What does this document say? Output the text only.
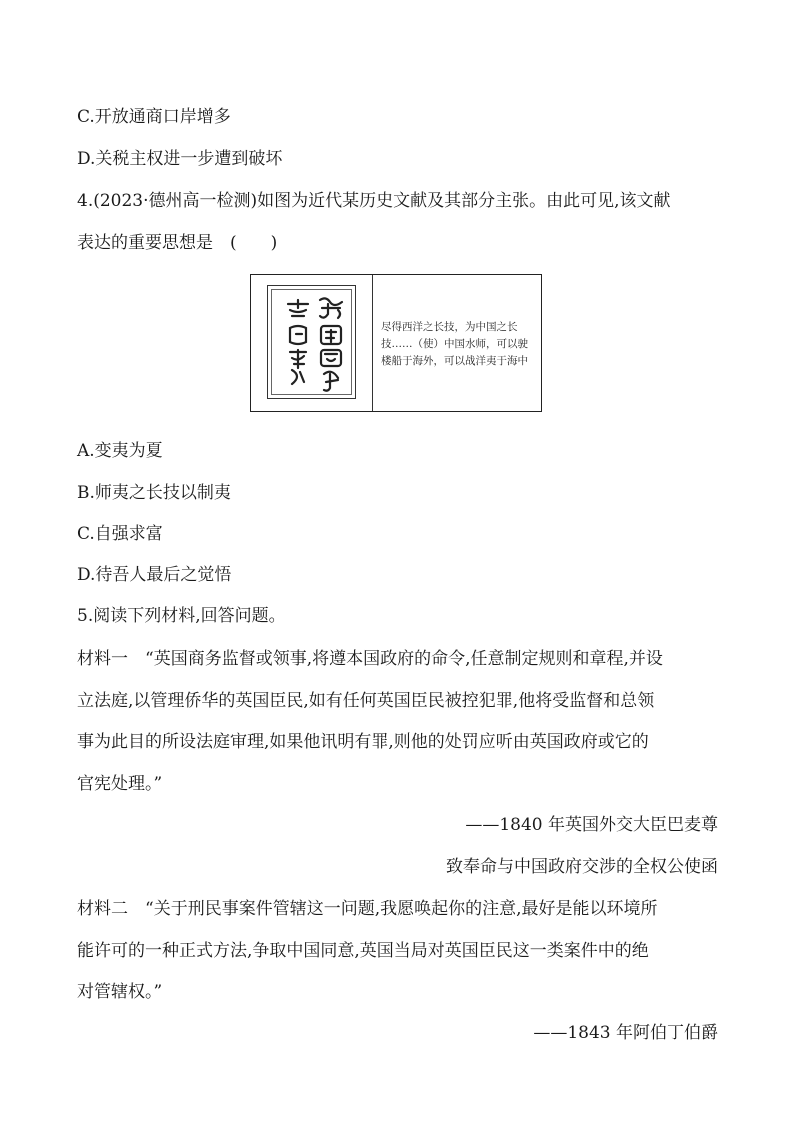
C.开放通商口岸增多
D.关税主权进一步遭到破坏
4.(2023·德州高一检测)如图为近代某历史文献及其部分主张。由此可见,该文献
表达的重要思想是　(　　)
尽得西洋之长技，为中国之长技……（使）中国水师，可以驶楼船于海外，可以战洋夷于海中
A.变夷为夏
B.师夷之长技以制夷
C.自强求富
D.待吾人最后之觉悟
5.阅读下列材料,回答问题。
材料一　“英国商务监督或领事,将遵本国政府的命令,任意制定规则和章程,并设
立法庭,以管理侨华的英国臣民,如有任何英国臣民被控犯罪,他将受监督和总领
事为此目的所设法庭审理,如果他讯明有罪,则他的处罚应听由英国政府或它的
官宪处理。”
——1840 年英国外交大臣巴麦尊
致奉命与中国政府交涉的全权公使函
材料二　“关于刑民事案件管辖这一问题,我愿唤起你的注意,最好是能以环境所
能许可的一种正式方法,争取中国同意,英国当局对英国臣民这一类案件中的绝
对管辖权。”
——1843 年阿伯丁伯爵
